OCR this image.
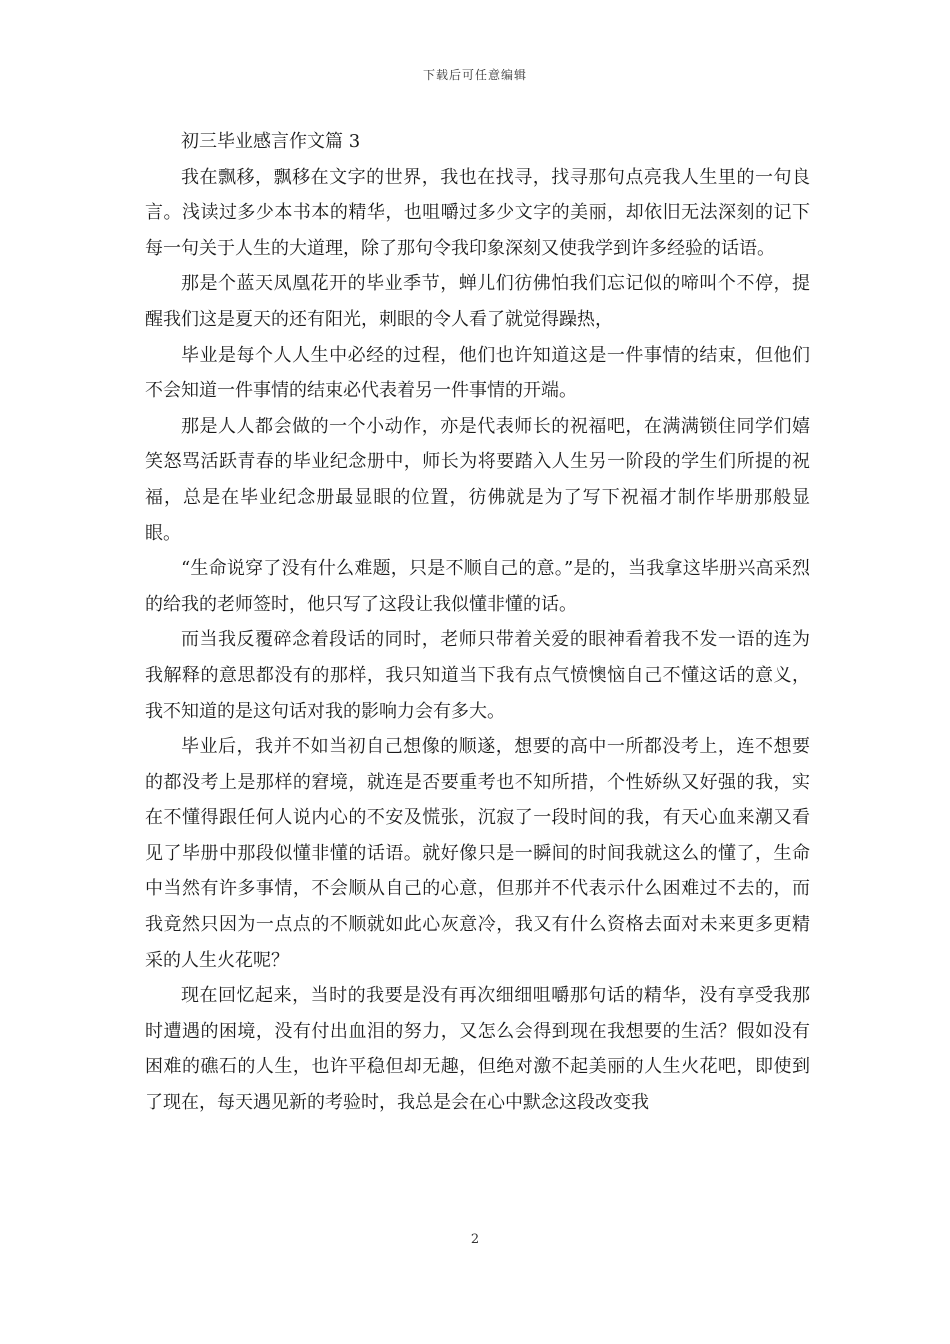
下载后可任意编辑

初三毕业感言作文篇 3

我在飘移，飘移在文字的世界，我也在找寻，找寻那句点亮我人生里的一句良言。浅读过多少本书本的精华，也咀嚼过多少文字的美丽，却依旧无法深刻的记下每一句关于人生的大道理，除了那句令我印象深刻又使我学到许多经验的话语。

那是个蓝天凤凰花开的毕业季节，蝉儿们彷佛怕我们忘记似的啼叫个不停，提醒我们这是夏天的还有阳光，刺眼的令人看了就觉得躁热，

毕业是每个人人生中必经的过程，他们也许知道这是一件事情的结束，但他们不会知道一件事情的结束必代表着另一件事情的开端。

那是人人都会做的一个小动作，亦是代表师长的祝福吧，在满满锁住同学们嬉笑怒骂活跃青春的毕业纪念册中，师长为将要踏入人生另一阶段的学生们所提的祝福，总是在毕业纪念册最显眼的位置，彷佛就是为了写下祝福才制作毕册那般显眼。

“生命说穿了没有什么难题，只是不顺自己的意。”是的，当我拿这毕册兴高采烈的给我的老师签时，他只写了这段让我似懂非懂的话。

而当我反覆碎念着段话的同时，老师只带着关爱的眼神看着我不发一语的连为我解释的意思都没有的那样，我只知道当下我有点气愤懊恼自己不懂这话的意义，我不知道的是这句话对我的影响力会有多大。

毕业后，我并不如当初自己想像的顺遂，想要的高中一所都没考上，连不想要的都没考上是那样的窘境，就连是否要重考也不知所措，个性娇纵又好强的我，实在不懂得跟任何人说内心的不安及慌张，沉寂了一段时间的我，有天心血来潮又看见了毕册中那段似懂非懂的话语。就好像只是一瞬间的时间我就这么的懂了，生命中当然有许多事情，不会顺从自己的心意，但那并不代表示什么困难过不去的，而我竟然只因为一点点的不顺就如此心灰意冷，我又有什么资格去面对未来更多更精采的人生火花呢？

现在回忆起来，当时的我要是没有再次细细咀嚼那句话的精华，没有享受我那时遭遇的困境，没有付出血泪的努力，又怎么会得到现在我想要的生活？假如没有困难的礁石的人生，也许平稳但却无趣，但绝对激不起美丽的人生火花吧，即使到了现在，每天遇见新的考验时，我总是会在心中默念这段改变我

2
